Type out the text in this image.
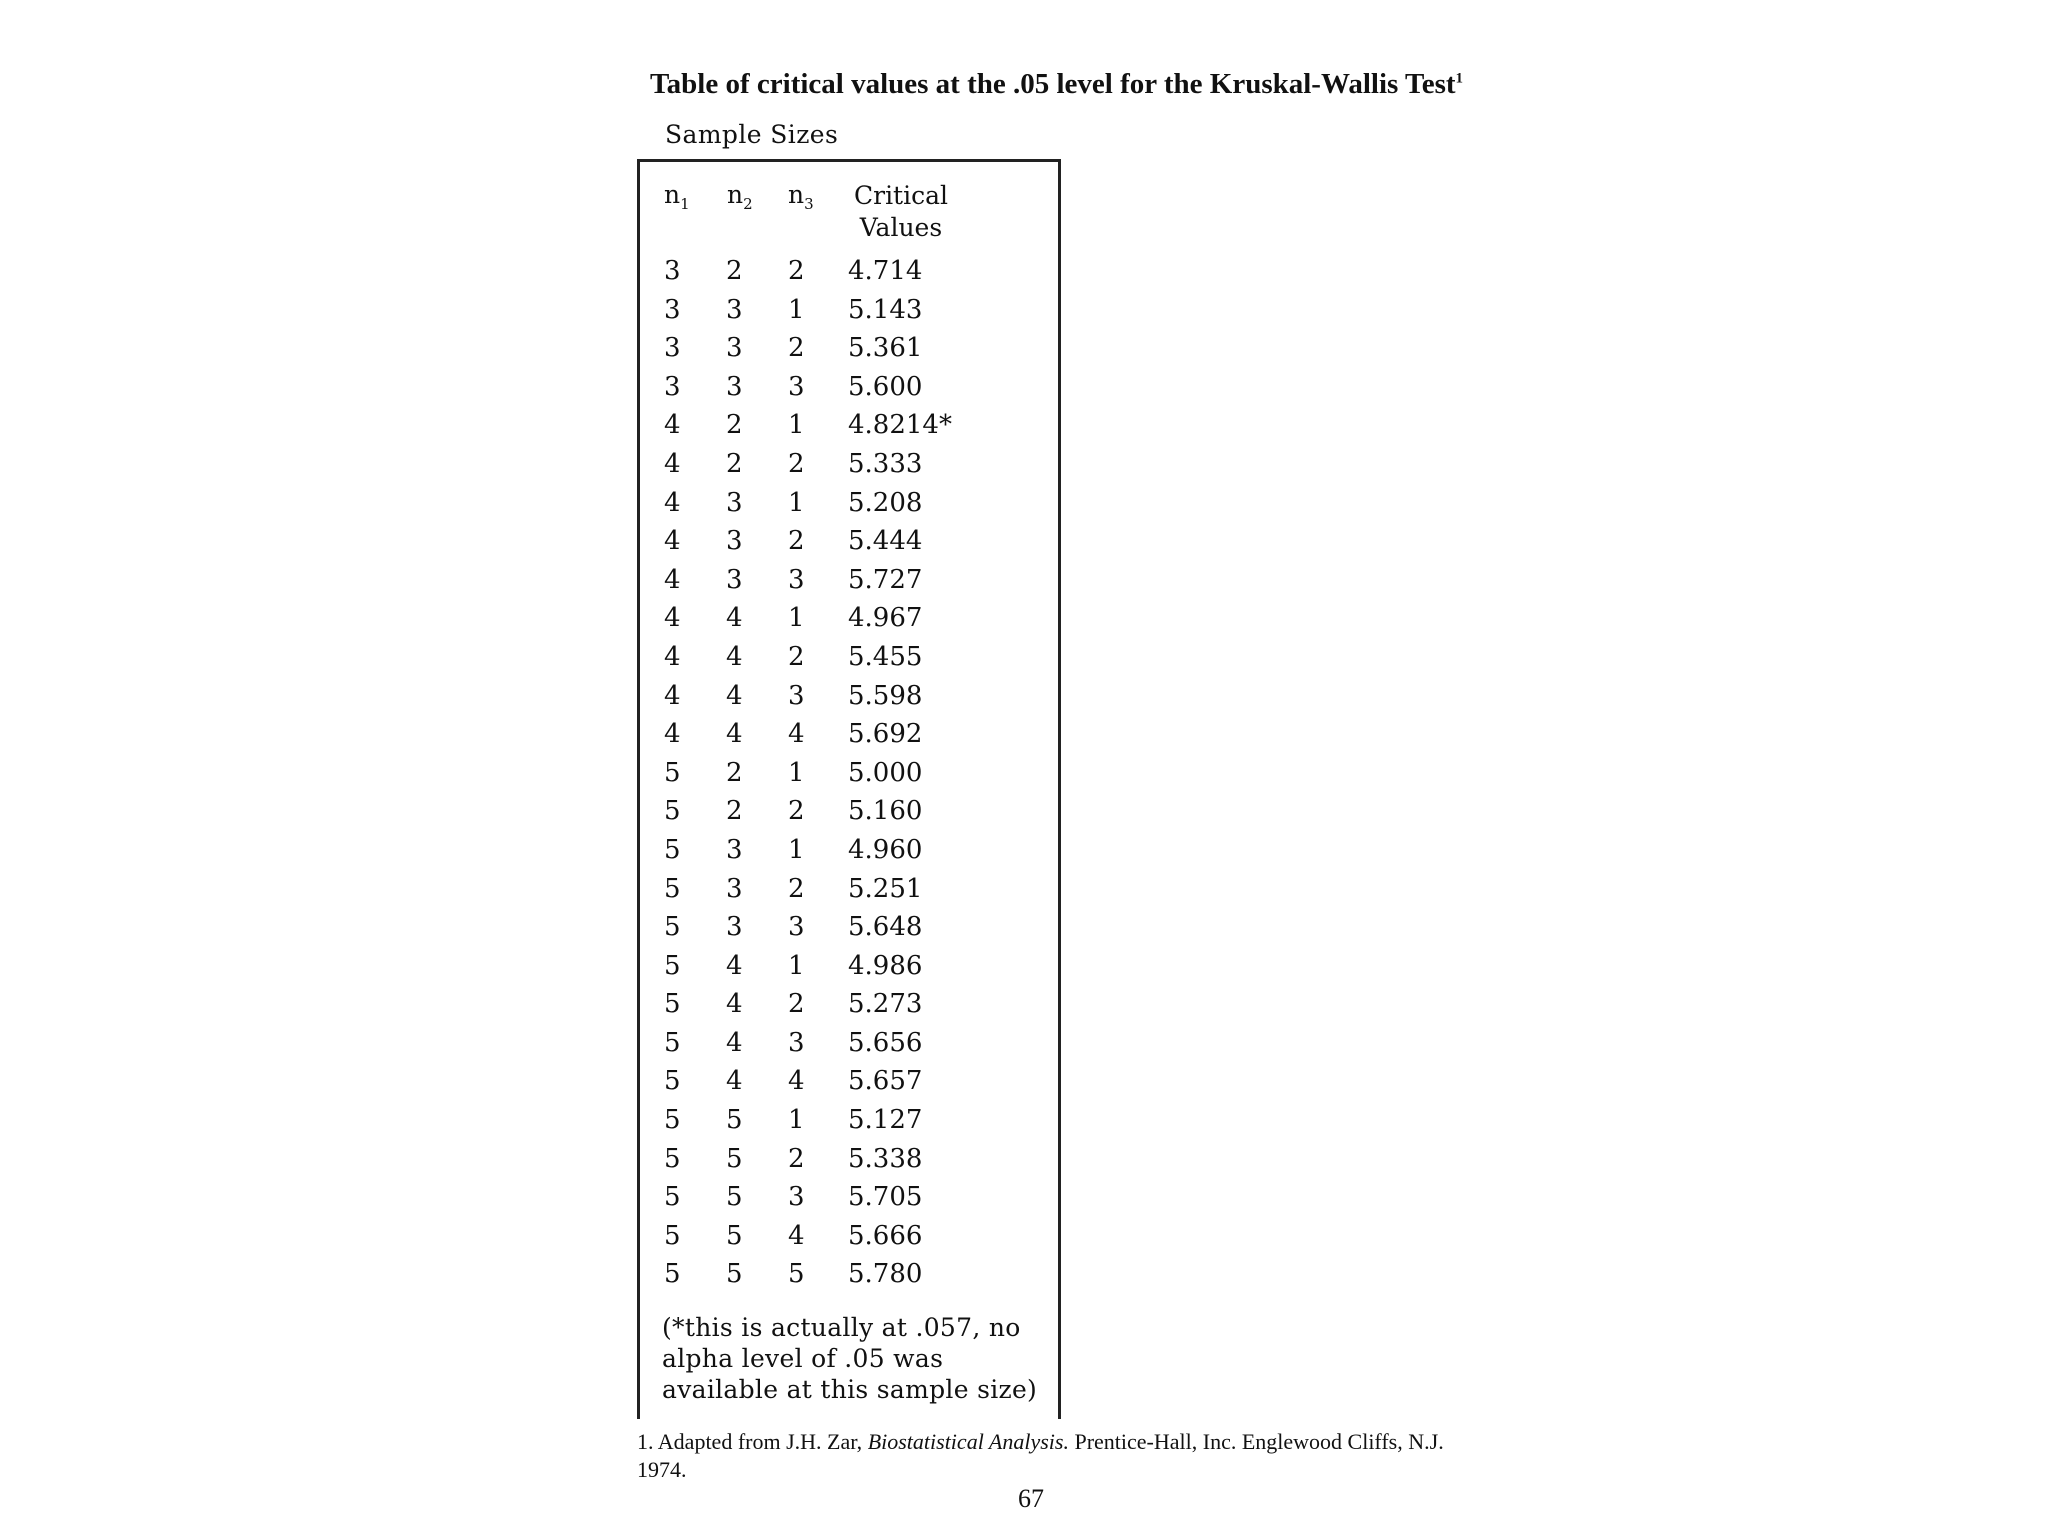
Table of critical values at the .05 level for the Kruskal-Wallis Test$^1$
Sample Sizes
$n_1$ $n_2$ $n_3$	Critical
Values
3 2 2 4.714
3 3 1 5.143
3 3 2 5.361
3 3 3 5.600
4 2 1 4.8214*
4 2 2 5.333
4 3 1 5.208
4 3 2 5.444
4 3 3 5.727
4 4 1 4.967
4 4 2 5.455
4 4 3 5.598
4 4 4 5.692
5 2 1 5.000
5 2 2 5.160
5 3 1 4.960
5 3 2 5.251
5 3 3 5.648
5 4 1 4.986
5 4 2 5.273
5 4 3 5.656
5 4 4 5.657
5 5 1 5.127
5 5 2 5.338
5 5 3 5.705
5 5 4 5.666
5 5 5 5.780
(*this is actually at .057, no alpha level of .05 was available at this sample size)
1. Adapted from J.H. Zar, Biostatistical Analysis. Prentice-Hall, Inc. Englewood Cliffs, N.J. 1974.
67
